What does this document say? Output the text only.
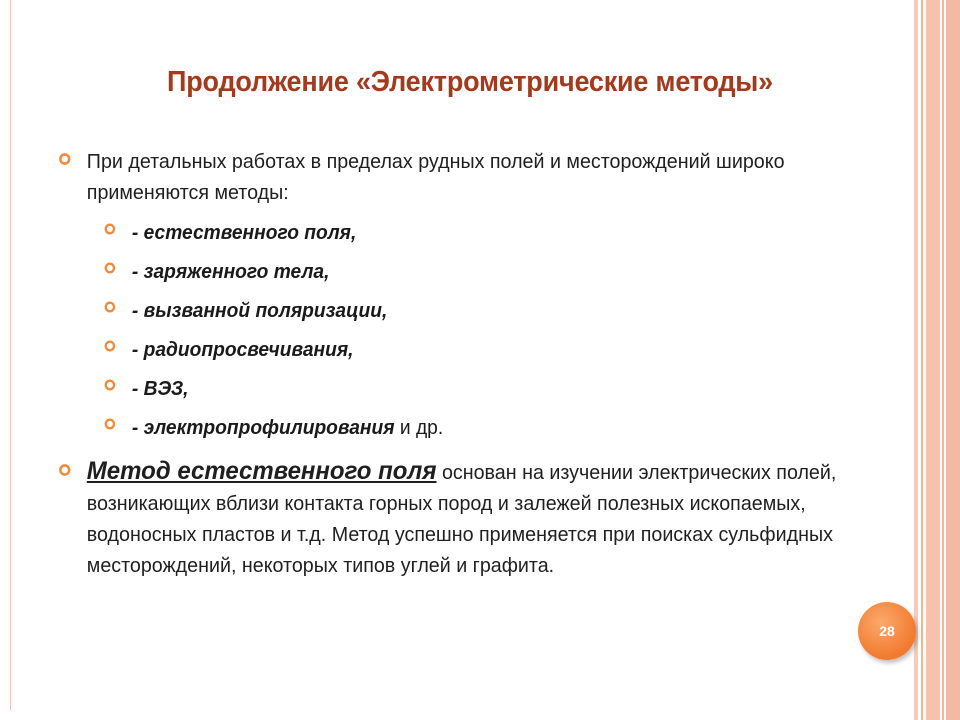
Продолжение «Электрометрические методы»
При детальных работах в пределах рудных полей и месторождений широко применяются методы:
- естественного поля,
- заряженного тела,
- вызванной поляризации,
- радиопросвечивания,
- ВЭЗ,
- электропрофилирования и др.
Метод естественного поля основан на изучении электрических полей, возникающих вблизи контакта горных пород и залежей полезных ископаемых, водоносных пластов и т.д. Метод успешно применяется при поисках сульфидных месторождений, некоторых типов углей и графита.
28
